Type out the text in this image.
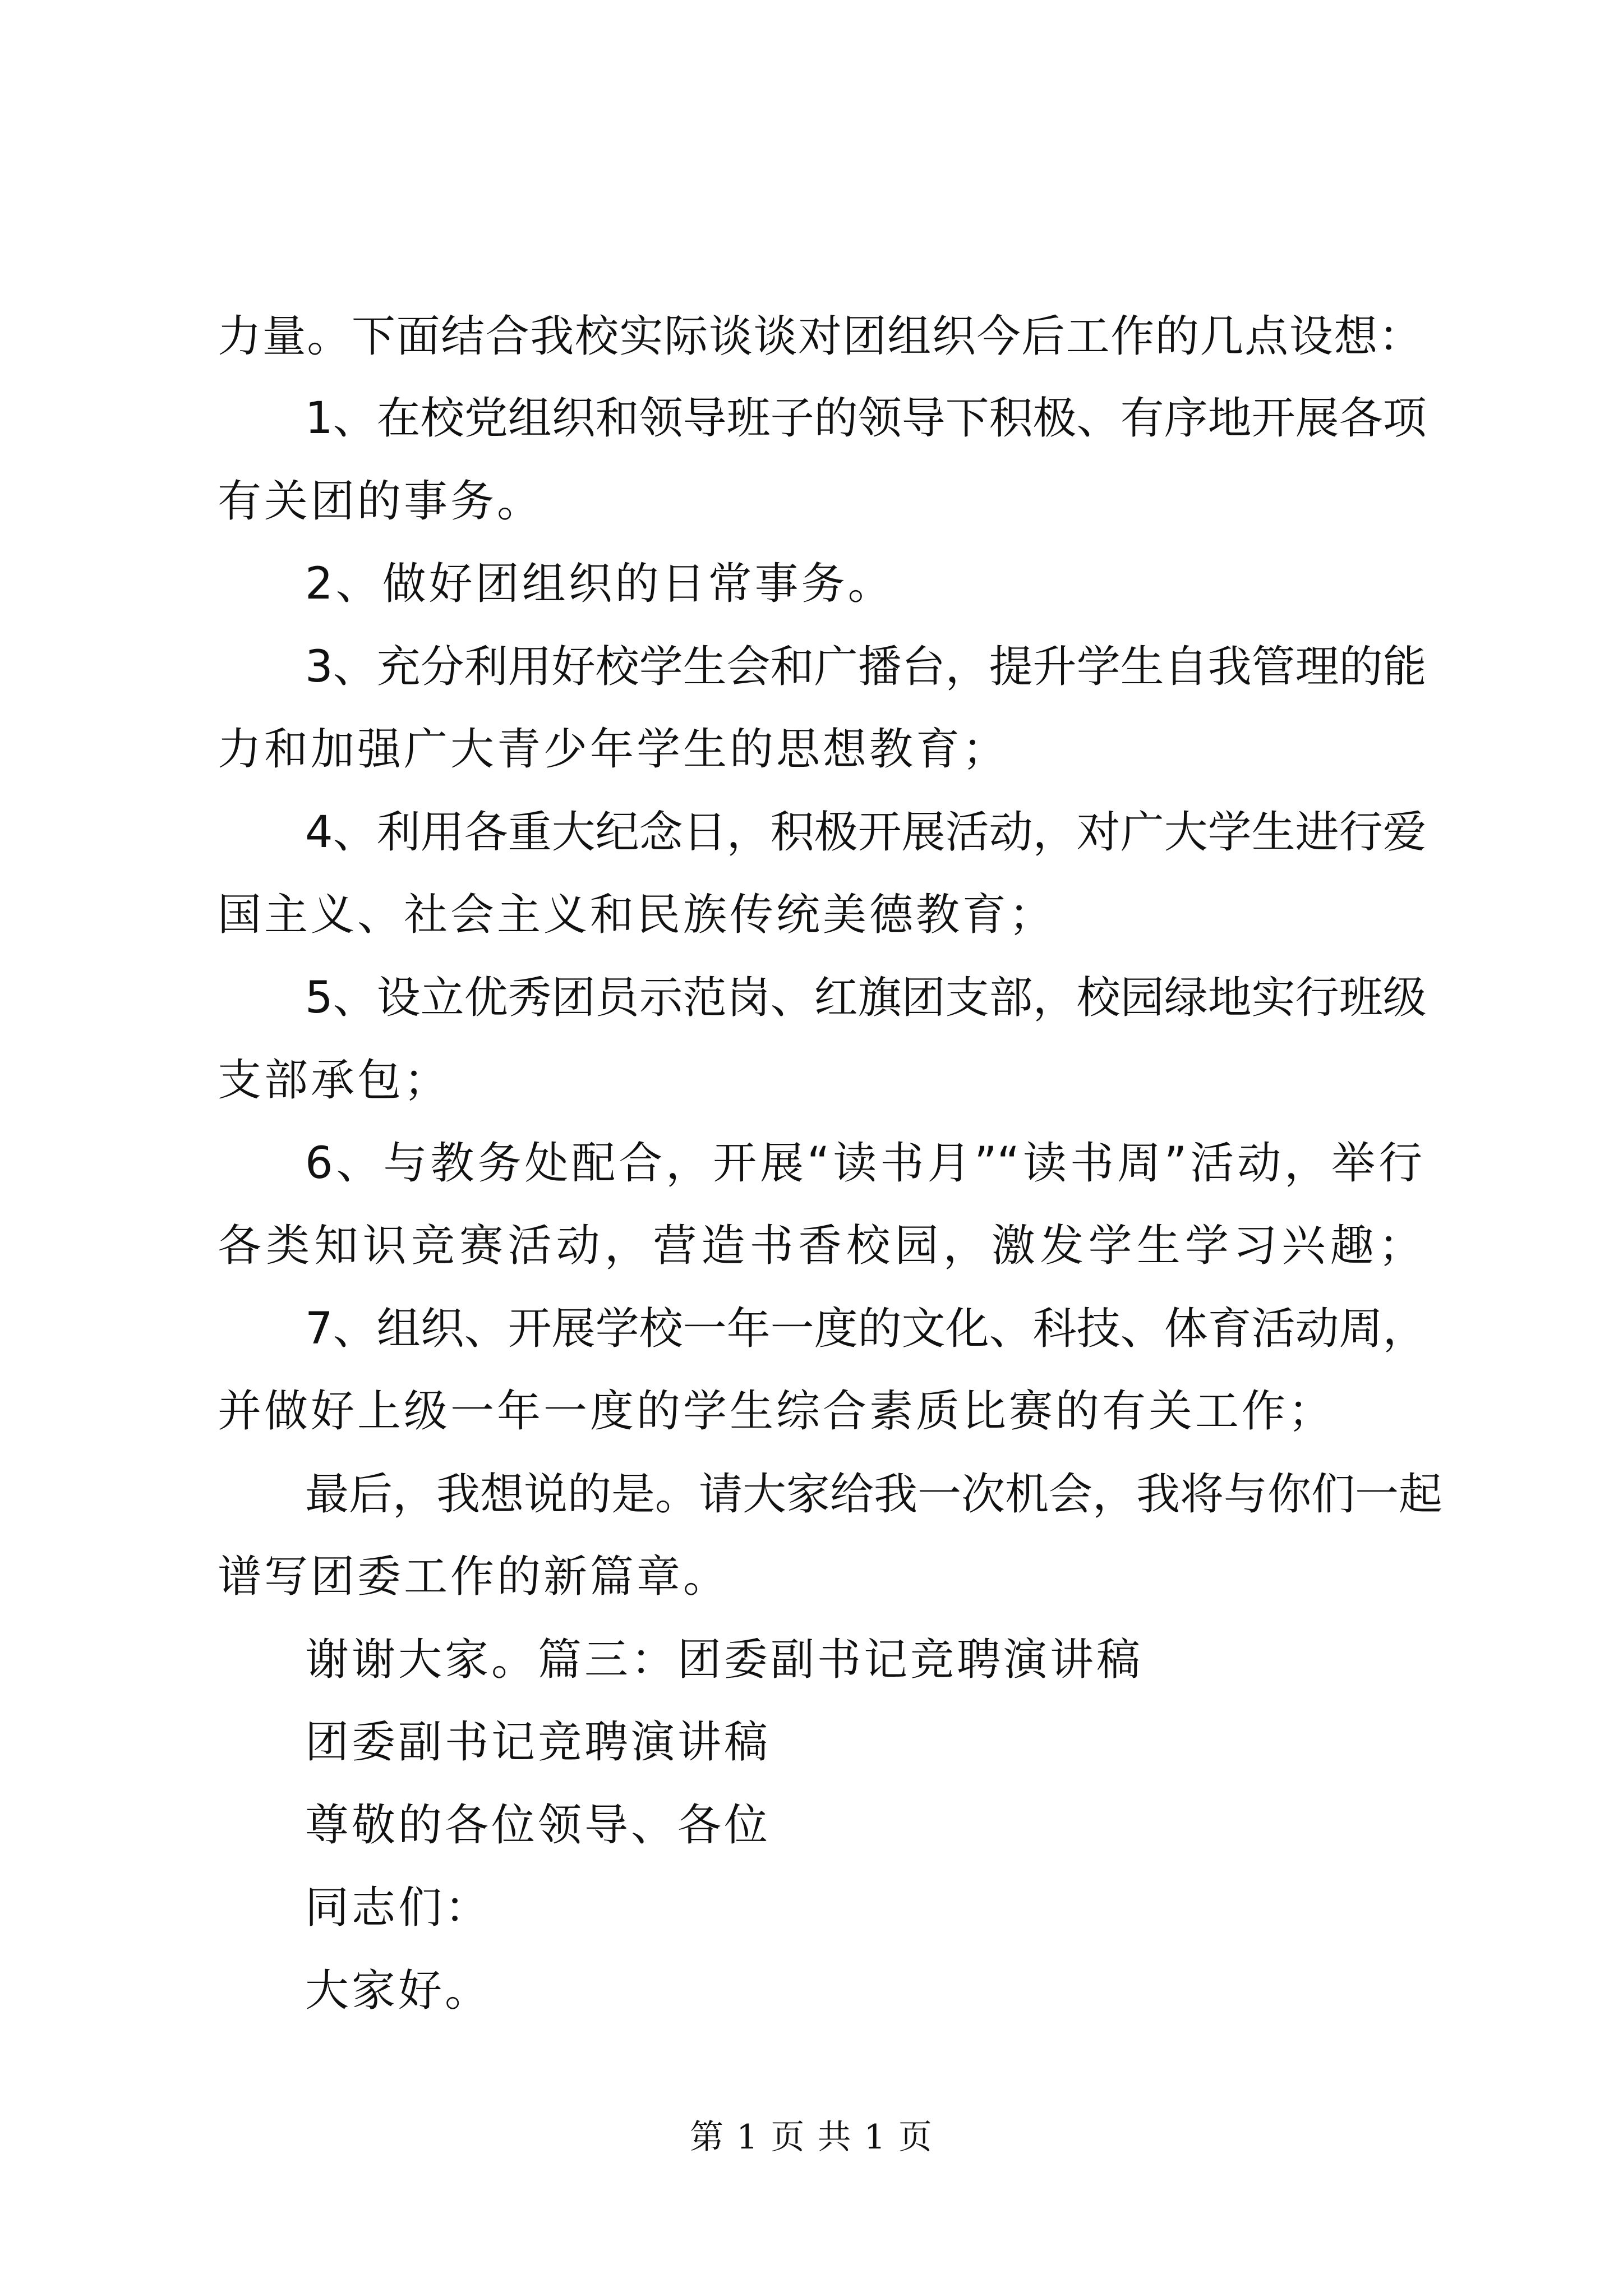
力量。下面结合我校实际谈谈对团组织今后工作的几点设想：
1、在校党组织和领导班子的领导下积极、有序地开展各项
有关团的事务。
2、做好团组织的日常事务。
3、充分利用好校学生会和广播台，提升学生自我管理的能
力和加强广大青少年学生的思想教育；
4、利用各重大纪念日，积极开展活动，对广大学生进行爱
国主义、社会主义和民族传统美德教育；
5、设立优秀团员示范岗、红旗团支部，校园绿地实行班级
支部承包；
6、与教务处配合，开展“读书月”“读书周”活动，举行
各类知识竞赛活动，营造书香校园，激发学生学习兴趣；
7、组织、开展学校一年一度的文化、科技、体育活动周，
并做好上级一年一度的学生综合素质比赛的有关工作；
最后，我想说的是。请大家给我一次机会，我将与你们一起
谱写团委工作的新篇章。
谢谢大家。篇三：团委副书记竞聘演讲稿
团委副书记竞聘演讲稿
尊敬的各位领导、各位
同志们：
大家好。
第 1 页 共 1 页
